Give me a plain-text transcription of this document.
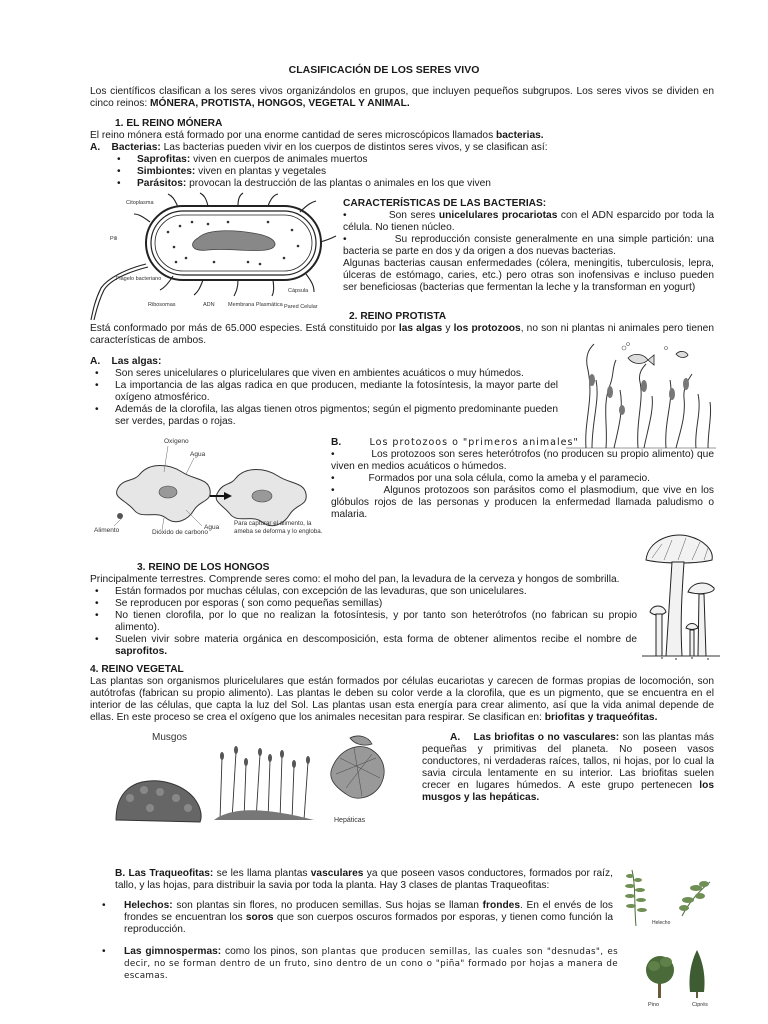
CLASIFICACIÓN DE LOS SERES VIVO

Los científicos clasifican a los seres vivos organizándolos en grupos, que incluyen pequeños subgrupos. Los seres vivos se dividen en cinco reinos: MÓNERA, PROTISTA, HONGOS, VEGETAL Y ANIMAL.

1. EL REINO MÓNERA

El reino mónera está formado por una enorme cantidad de seres microscópicos llamados bacterias.

A. Bacterias: Las bacterias pueden vivir en los cuerpos de distintos seres vivos, y se clasifican así:

• Saprofitas: viven en cuerpos de animales muertos
• Simbiontes: viven en plantas y vegetales
• Parásitos: provocan la destrucción de las plantas o animales en los que viven
Citoplasma
Pili
Flagelo bacteriano
Ribosomas	ADN Membrana Plasmática Pared Celular
Cápsula
CARACTERÍSTICAS DE LAS BACTERIAS:

•	Son seres unicelulares procariotas con el ADN esparcido por toda la célula. No tienen núcleo.

•	Su reproducción consiste generalmente en una simple partición: una bacteria se parte en dos y da origen a dos nuevas bacterias.

Algunas bacterias causan enfermedades (cólera, meningitis, tuberculosis, lepra, úlceras de estómago, caries, etc.) pero otras son inofensivas e incluso pueden ser beneficiosas (bacterias que fermentan la leche y la transforman en yogurt)

2. REINO PROTISTA

Está conformado por más de 65.000 especies. Está constituido por las algas y los protozoos, no son ni plantas ni animales pero tienen características de ambos.

A. Las algas:
• Son seres unicelulares o pluricelulares que viven en ambientes acuáticos o muy húmedos.
• La importancia de las algas radica en que producen, mediante la fotosíntesis, la mayor parte del oxígeno atmosférico.
• Además de la clorofila, las algas tienen otros pigmentos; según el pigmento predominante pueden ser verdes, pardas o rojas.
Oxígeno
Agua
Alimento	Dióxido de carbono
Agua
Para capturar el alimento, la ameba se deforma y lo engloba.
B.	Los protozoos o "primeros animales"

•	Los protozoos son seres heterótrofos (no producen su propio alimento) que viven en medios acuáticos o húmedos.

•	Formados por una sola célula, como la ameba y el paramecio.

•	Algunos protozoos son parásitos como el plasmodium, que vive en los glóbulos rojos de las personas y producen la enfermedad llamada paludismo o malaria.

3. REINO DE LOS HONGOS

Principalmente terrestres. Comprende seres como: el moho del pan, la levadura de la cerveza y hongos de sombrilla.

• Están formados por muchas células, con excepción de las levaduras, que son unicelulares.
• Se reproducen por esporas ( son como pequeñas semillas)
• No tienen clorofila, por lo que no realizan la fotosíntesis, y por tanto son heterótrofos (no fabrican su propio alimento).
• Suelen vivir sobre materia orgánica en descomposición, esta forma de obtener alimentos recibe el nombre de saprofitos.
4. REINO VEGETAL

Las plantas son organismos pluricelulares que están formados por células eucariotas y carecen de formas propias de locomoción, son autótrofas (fabrican su propio alimento). Las plantas le deben su color verde a la clorofila, que es un pigmento, que se encuentra en el interior de las células, que capta la luz del Sol. Las plantas usan esta energía para crear alimento, así que la vida animal depende de ellas. En este proceso se crea el oxígeno que los animales necesitan para respirar. Se clasifican en: briofitas y traqueófitas.

Musgos
Hepáticas
A. Las briofitas o no vasculares: son las plantas más pequeñas y primitivas del planeta. No poseen vasos conductores, ni verdaderas raíces, tallos, ni hojas, por lo cual la savia circula lentamente en su interior. Las briofitas suelen crecer en lugares húmedos. A este grupo pertenecen los musgos y las hepáticas.

B. Las Traqueofitas: se les llama plantas vasculares ya que poseen vasos conductores, formados por raíz, tallo, y las hojas, para distribuir la savia por toda la planta. Hay 3 clases de plantas Traqueofitas:

• Helechos: son plantas sin flores, no producen semillas. Sus hojas se llaman frondes. En el envés de los frondes se encuentran los soros que son cuerpos oscuros formados por esporas, y tienen como función la reproducción.
• Las gimnospermas: como los pinos, son plantas que producen semillas, las cuales son "desnudas", es decir, no se forman dentro de un fruto, sino dentro de un cono o "piña" formado por hojas a manera de escamas.
Helecho
Pino	Ciprés
